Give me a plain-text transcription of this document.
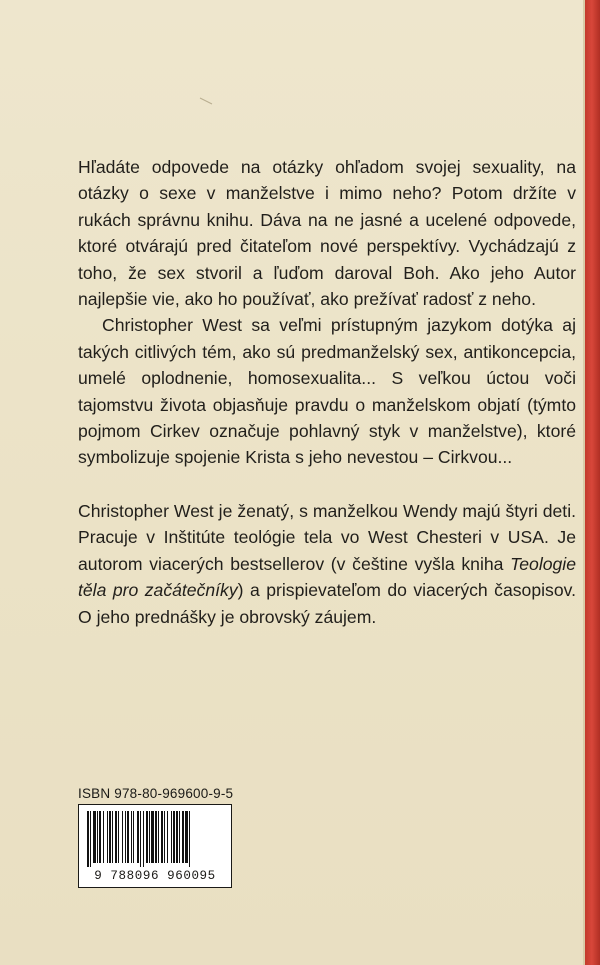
Hľadáte odpovede na otázky ohľadom svojej sexuality, na otázky o sexe v manželstve i mimo neho? Potom držíte v rukách správnu knihu. Dáva na ne jasné a ucelené odpovede, ktoré otvárajú pred čitateľom nové perspektívy. Vychádzajú z toho, že sex stvoril a ľuďom daroval Boh. Ako jeho Autor najlepšie vie, ako ho používať, ako prežívať radosť z neho.

Christopher West sa veľmi prístupným jazykom dotýka aj takých citlivých tém, ako sú predmanželský sex, antikoncepcia, umelé oplodnenie, homosexualita... S veľkou úctou voči tajomstvu života objasňuje pravdu o manželskom objatí (týmto pojmom Cirkev označuje pohlavný styk v manželstve), ktoré symbolizuje spojenie Krista s jeho nevestou – Cirkvou...

Christopher West je ženatý, s manželkou Wendy majú štyri deti. Pracuje v Inštitúte teológie tela vo West Chesteri v USA. Je autorom viacerých bestsellerov (v češtine vyšla kniha Teologie těla pro začátečníky) a prispievateľom do viacerých časopisov. O jeho prednášky je obrovský záujem.

ISBN 978-80-969600-9-5
9 788096 960095
